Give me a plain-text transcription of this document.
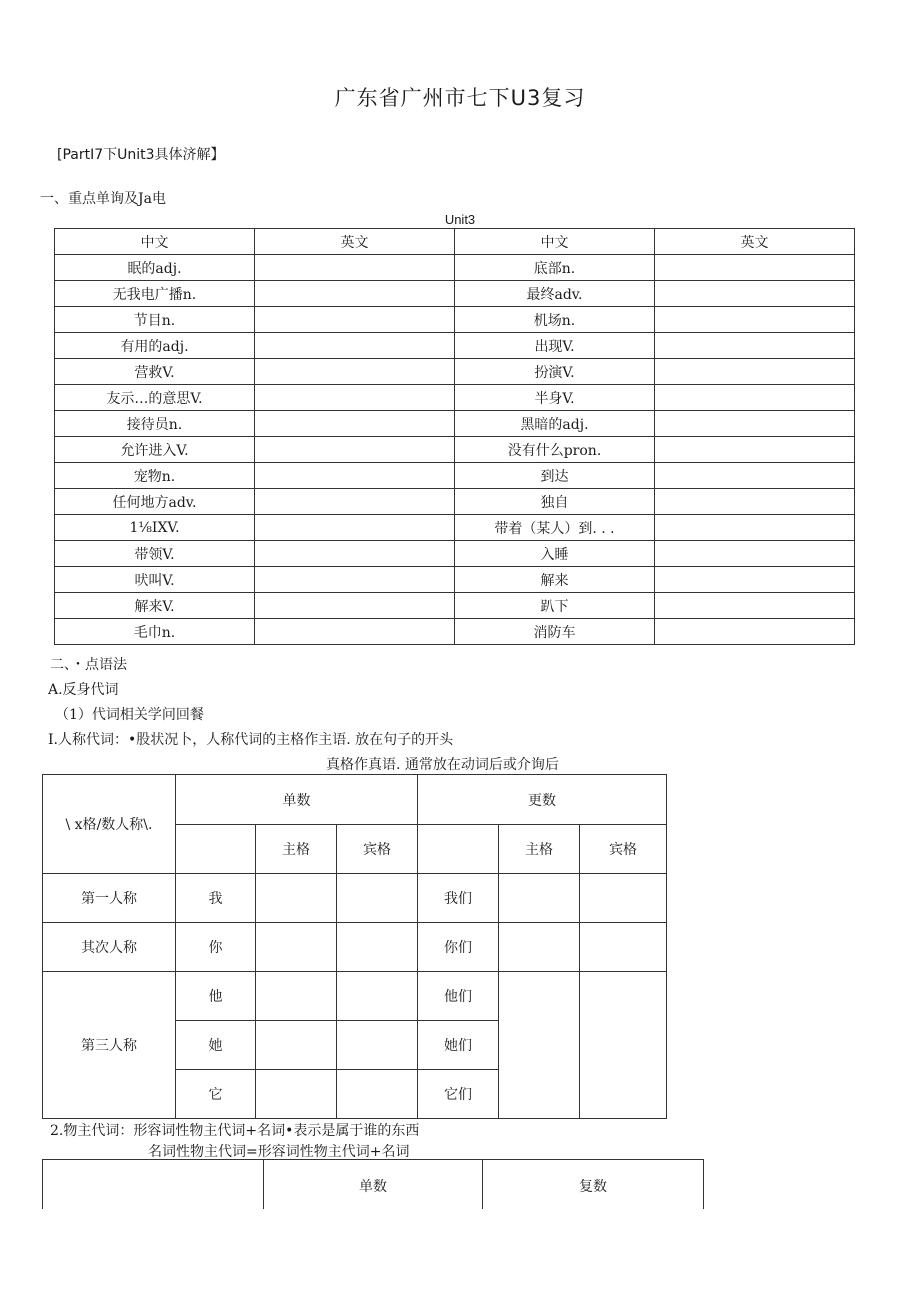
广东省广州市七下U3复习
[PartI7下Unit3具体济解】
一、重点单询及Ja电
Unit3
中文	英文	中文	英文
眠的adj.		底部n.	
无我电广播n.		最终adv.	
节目n.		机场n.	
有用的adj.		出现V.	
营救V.		扮演V.	
友示…的意思V.		半身V.	
接待员n.		黑暗的adj.	
允许进入V.		没有什么pron.	
宠物n.		到达	
任何地方adv.		独自	
1⅛IXV.		带着（某人）到. . .	
带领V.		入睡	
吠叫V.		解来	
解来V.		趴下	
毛巾n.		消防车	
二、・点语法
A.反身代词
（1）代词相关学问回餐
I.人称代词：•股状况卜，人称代词的主格作主语. 放在句子的开头
真格作真语. 通常放在动词后或介询后
\ x格/数人称\.	单数			更数		
		主格	宾格		主格	宾格
第一人称	我			我们		
其次人称	你			你们		
第三人称	他			他们		
	她			她们		
	它			它们		
2.物主代词：形容词性物主代词+名词•表示是属于谁的东西
名词性物主代词=形容词性物主代词+名词
	单数	复数
